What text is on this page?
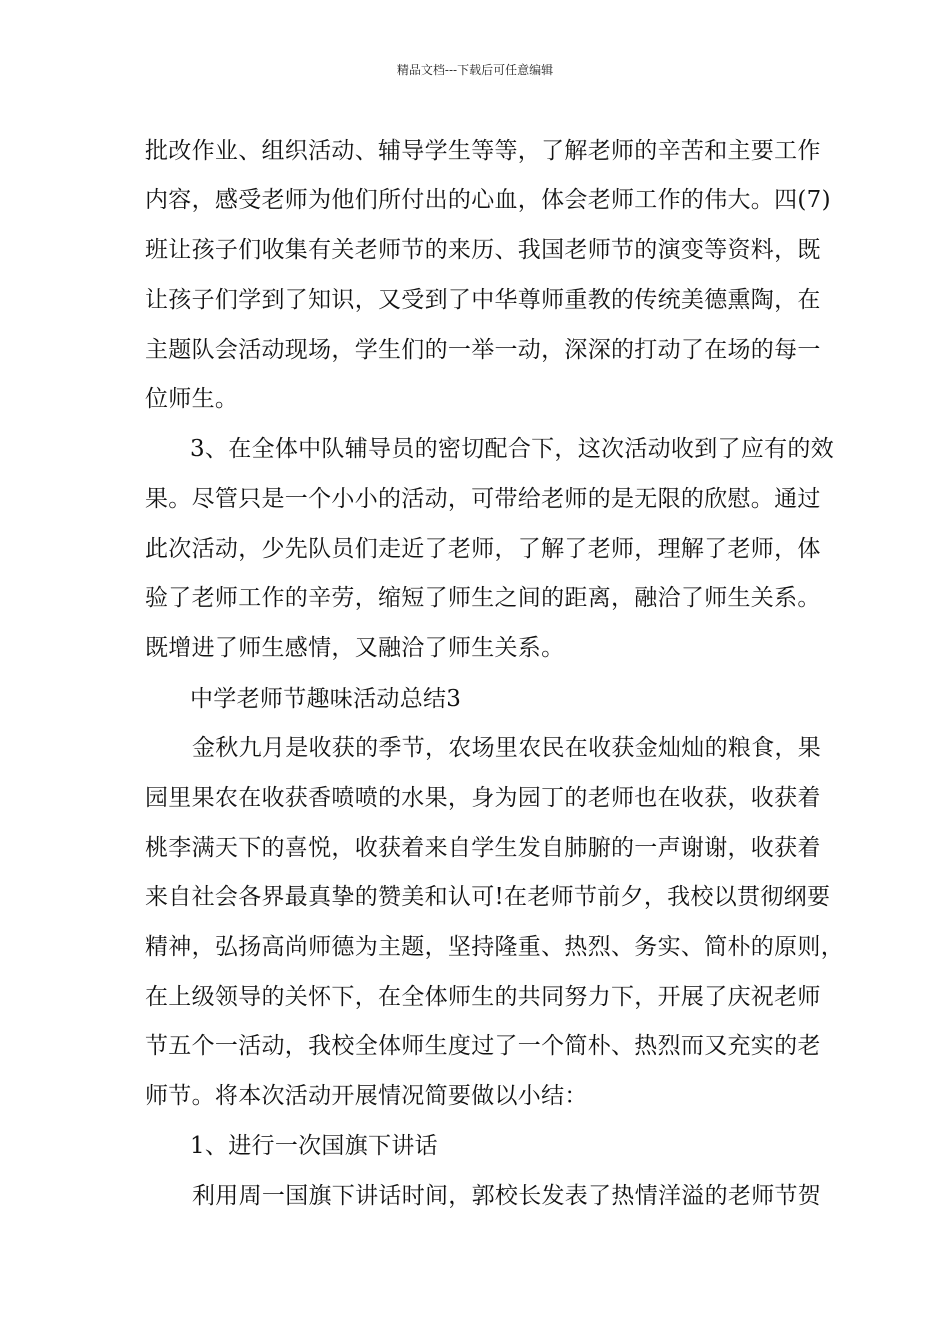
精品文档---下载后可任意编辑
批改作业、组织活动、辅导学生等等，了解老师的辛苦和主要工作
内容，感受老师为他们所付出的心血，体会老师工作的伟大。四(7)
班让孩子们收集有关老师节的来历、我国老师节的演变等资料，既
让孩子们学到了知识，又受到了中华尊师重教的传统美德熏陶，在
主题队会活动现场，学生们的一举一动，深深的打动了在场的每一
位师生。
3、在全体中队辅导员的密切配合下，这次活动收到了应有的效
果。尽管只是一个小小的活动，可带给老师的是无限的欣慰。通过
此次活动，少先队员们走近了老师，了解了老师，理解了老师，体
验了老师工作的辛劳，缩短了师生之间的距离，融洽了师生关系。
既增进了师生感情，又融洽了师生关系。
中学老师节趣味活动总结3
金秋九月是收获的季节，农场里农民在收获金灿灿的粮食，果
园里果农在收获香喷喷的水果，身为园丁的老师也在收获，收获着
桃李满天下的喜悦，收获着来自学生发自肺腑的一声谢谢，收获着
来自社会各界最真挚的赞美和认可!在老师节前夕，我校以贯彻纲要
精神，弘扬高尚师德为主题，坚持隆重、热烈、务实、简朴的原则，
在上级领导的关怀下，在全体师生的共同努力下，开展了庆祝老师
节五个一活动，我校全体师生度过了一个简朴、热烈而又充实的老
师节。将本次活动开展情况简要做以小结：
1、进行一次国旗下讲话
利用周一国旗下讲话时间，郭校长发表了热情洋溢的老师节贺
